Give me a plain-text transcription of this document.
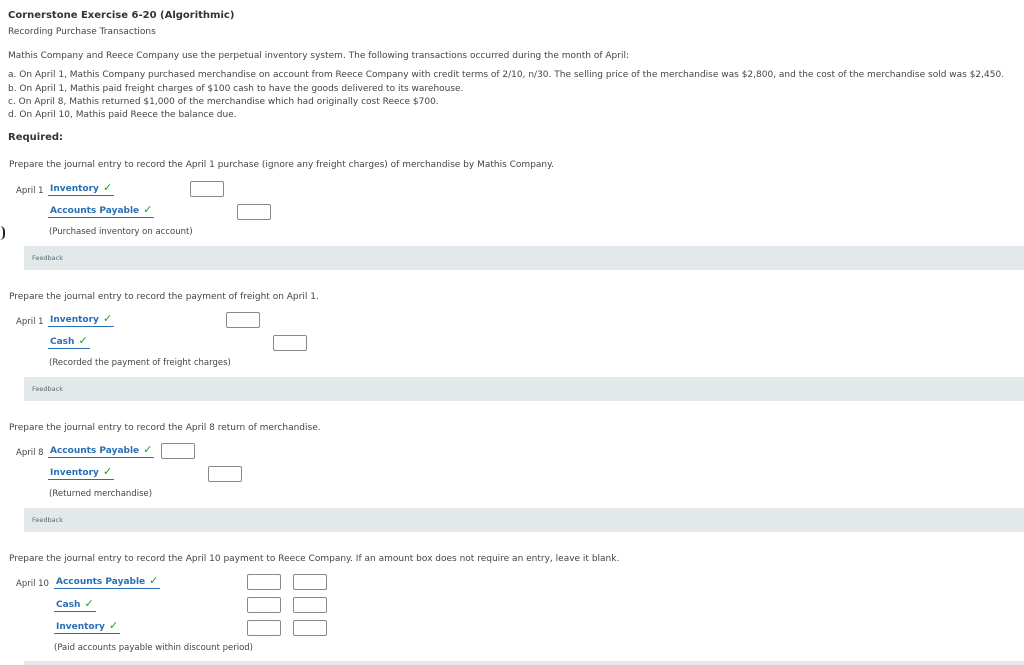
Cornerstone Exercise 6-20 (Algorithmic)
Recording Purchase Transactions
Mathis Company and Reece Company use the perpetual inventory system. The following transactions occurred during the month of April:
a. On April 1, Mathis Company purchased merchandise on account from Reece Company with credit terms of 2/10, n/30. The selling price of the merchandise was $2,800, and the cost of the merchandise sold was $2,450.
b. On April 1, Mathis paid freight charges of $100 cash to have the goods delivered to its warehouse.
c. On April 8, Mathis returned $1,000 of the merchandise which had originally cost Reece $700.
d. On April 10, Mathis paid Reece the balance due.
Required:
Prepare the journal entry to record the April 1 purchase (ignore any freight charges) of merchandise by Mathis Company.
April 1 Inventory ✓
Accounts Payable ✓
(Purchased inventory on account)
Feedback
Prepare the journal entry to record the payment of freight on April 1.
April 1 Inventory ✓
Cash ✓
(Recorded the payment of freight charges)
Feedback
Prepare the journal entry to record the April 8 return of merchandise.
April 8 Accounts Payable ✓
Inventory ✓
(Returned merchandise)
Feedback
Prepare the journal entry to record the April 10 payment to Reece Company. If an amount box does not require an entry, leave it blank.
April 10 Accounts Payable ✓
Cash ✓
Inventory ✓
(Paid accounts payable within discount period)
